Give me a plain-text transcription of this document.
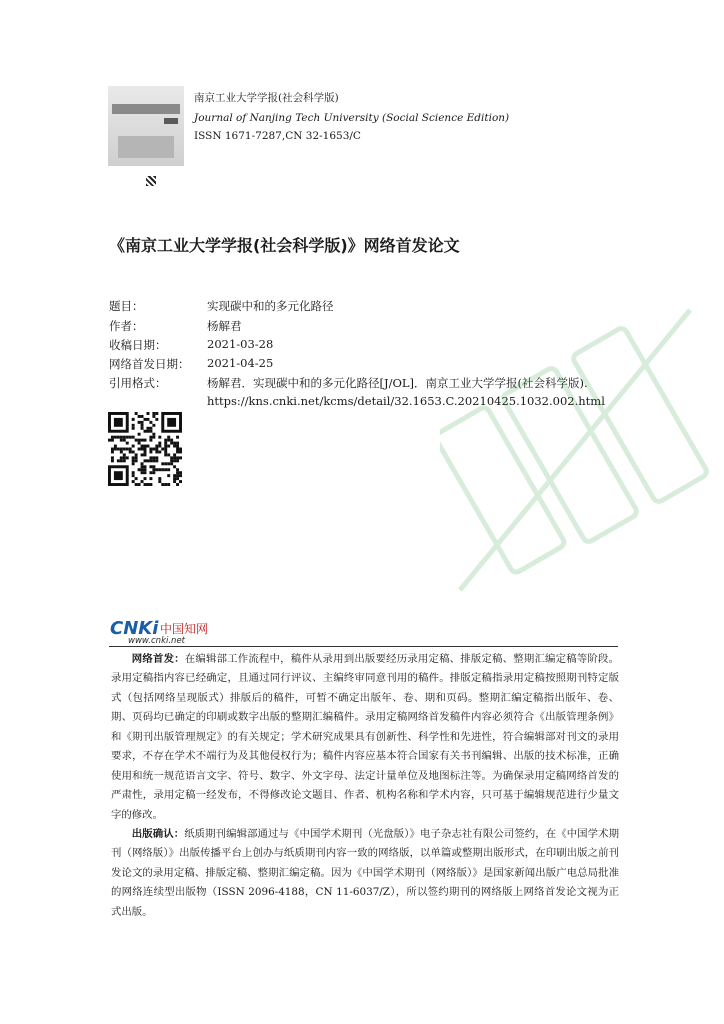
南京工业大学学报(社会科学版)
Journal of Nanjing Tech University (Social Science Edition)
ISSN 1671-7287,CN 32-1653/C
《南京工业大学学报(社会科学版)》网络首发论文
题目：	实现碳中和的多元化路径
作者：	杨解君
收稿日期：	2021-03-28
网络首发日期： 2021-04-25
引用格式：	杨解君．实现碳中和的多元化路径[J/OL]．南京工业大学学报(社会科学版).
https://kns.cnki.net/kcms/detail/32.1653.C.20210425.1032.002.html
CNKi 中国知网
www.cnki.net

网络首发：在编辑部工作流程中，稿件从录用到出版要经历录用定稿、排版定稿、整期汇编定稿等阶段。录用定稿指内容已经确定，且通过同行评议、主编终审同意刊用的稿件。排版定稿指录用定稿按照期刊特定版式（包括网络呈现版式）排版后的稿件，可暂不确定出版年、卷、期和页码。整期汇编定稿指出版年、卷、期、页码均已确定的印刷或数字出版的整期汇编稿件。录用定稿网络首发稿件内容必须符合《出版管理条例》和《期刊出版管理规定》的有关规定；学术研究成果具有创新性、科学性和先进性，符合编辑部对刊文的录用要求，不存在学术不端行为及其他侵权行为；稿件内容应基本符合国家有关书刊编辑、出版的技术标准，正确使用和统一规范语言文字、符号、数字、外文字母、法定计量单位及地图标注等。为确保录用定稿网络首发的严肃性，录用定稿一经发布，不得修改论文题目、作者、机构名称和学术内容，只可基于编辑规范进行少量文字的修改。

出版确认：纸质期刊编辑部通过与《中国学术期刊（光盘版）》电子杂志社有限公司签约，在《中国学术期刊（网络版）》出版传播平台上创办与纸质期刊内容一致的网络版，以单篇或整期出版形式，在印刷出版之前刊发论文的录用定稿、排版定稿、整期汇编定稿。因为《中国学术期刊（网络版）》是国家新闻出版广电总局批准的网络连续型出版物（ISSN 2096-4188，CN 11-6037/Z），所以签约期刊的网络版上网络首发论文视为正式出版。
